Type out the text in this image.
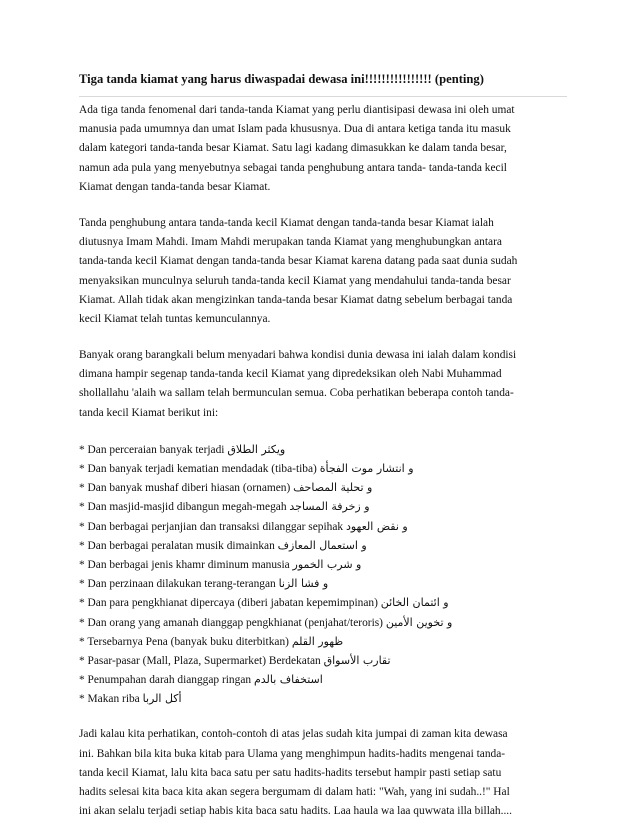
Tiga tanda kiamat yang harus diwaspadai dewasa ini!!!!!!!!!!!!!!!! (penting)
Ada tiga tanda fenomenal dari tanda-tanda Kiamat yang perlu diantisipasi dewasa ini oleh umat
manusia pada umumnya dan umat Islam pada khususnya. Dua di antara ketiga tanda itu masuk
dalam kategori tanda-tanda besar Kiamat. Satu lagi kadang dimasukkan ke dalam tanda besar,
namun ada pula yang menyebutnya sebagai tanda penghubung antara tanda- tanda-tanda kecil
Kiamat dengan tanda-tanda besar Kiamat.
Tanda penghubung antara tanda-tanda kecil Kiamat dengan tanda-tanda besar Kiamat ialah
diutusnya Imam Mahdi. Imam Mahdi merupakan tanda Kiamat yang menghubungkan antara
tanda-tanda kecil Kiamat dengan tanda-tanda besar Kiamat karena datang pada saat dunia sudah
menyaksikan munculnya seluruh tanda-tanda kecil Kiamat yang mendahului tanda-tanda besar
Kiamat. Allah tidak akan mengizinkan tanda-tanda besar Kiamat datng sebelum berbagai tanda
kecil Kiamat telah tuntas kemunculannya.
Banyak orang barangkali belum menyadari bahwa kondisi dunia dewasa ini ialah dalam kondisi
dimana hampir segenap tanda-tanda kecil Kiamat yang dipredeksikan oleh Nabi Muhammad
shollallahu 'alaih wa sallam telah bermunculan semua. Coba perhatikan beberapa contoh tanda-
tanda kecil Kiamat berikut ini:
* Dan perceraian banyak terjadi ويكثر الطلاق
* Dan banyak terjadi kematian mendadak (tiba-tiba) و انتشار موت الفجأة
* Dan banyak mushaf diberi hiasan (ornamen) و تحلية المصاحف
* Dan masjid-masjid dibangun megah-megah و زخرفة المساجد
* Dan berbagai perjanjian dan transaksi dilanggar sepihak و نقض العهود
* Dan berbagai peralatan musik dimainkan و استعمال المعازف
* Dan berbagai jenis khamr diminum manusia و شرب الخمور
* Dan perzinaan dilakukan terang-terangan و فشا الزنا
* Dan para pengkhianat dipercaya (diberi jabatan kepemimpinan) و ائتمان الخائن
* Dan orang yang amanah dianggap pengkhianat (penjahat/teroris) و تخوين الأمين
* Tersebarnya Pena (banyak buku diterbitkan) ظهور القلم
* Pasar-pasar (Mall, Plaza, Supermarket) Berdekatan تقارب الأسواق
* Penumpahan darah dianggap ringan استخفاف بالدم
* Makan riba أكل الربا
Jadi kalau kita perhatikan, contoh-contoh di atas jelas sudah kita jumpai di zaman kita dewasa
ini. Bahkan bila kita buka kitab para Ulama yang menghimpun hadits-hadits mengenai tanda-
tanda kecil Kiamat, lalu kita baca satu per satu hadits-hadits tersebut hampir pasti setiap satu
hadits selesai kita baca kita akan segera bergumam di dalam hati: "Wah, yang ini sudah..!" Hal
ini akan selalu terjadi setiap habis kita baca satu hadits. Laa haula wa laa quwwata illa billah....
